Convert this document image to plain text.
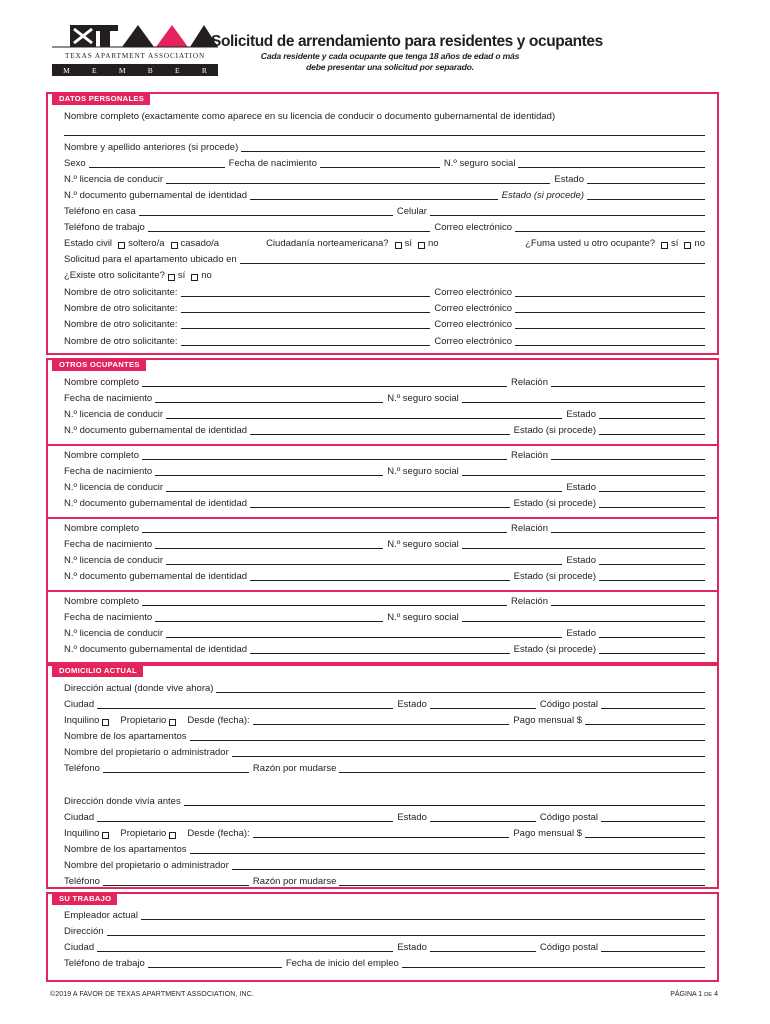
TEXAS APARTMENT ASSOCIATION
M	E	M	B	E	R
Solicitud de arrendamiento para residentes y ocupantes
Cada residente y cada ocupante que tenga 18 años de edad o más
debe presentar una solicitud por separado.
DATOS PERSONALES
Nombre completo (exactamente como aparece en su licencia de conducir o documento gubernamental de identidad)
Nombre y apellido anteriores (si procede)
Sexo	Fecha de nacimiento	N.º seguro social
N.º licencia de conducir	Estado
N.º documento gubernamental de identidad	Estado (si procede)
Teléfono en casa	Celular
Teléfono de trabajo	Correo electrónico
Estado civil	soltero/a	casado/a	Ciudadanía norteamericana?	sí	no	¿Fuma usted u otro ocupante?	sí	no
Solicitud para el apartamento ubicado en
¿Existe otro solicitante? sí	no
Nombre de otro solicitante:	Correo electrónico
Nombre de otro solicitante:	Correo electrónico
Nombre de otro solicitante:	Correo electrónico
Nombre de otro solicitante:	Correo electrónico
OTROS OCUPANTES
Nombre completo	Relación
Fecha de nacimiento	N.º seguro social
N.º licencia de conducir	Estado
N.º documento gubernamental de identidad	Estado (si procede)
Nombre completo	Relación
Fecha de nacimiento	N.º seguro social
N.º licencia de conducir	Estado
N.º documento gubernamental de identidad	Estado (si procede)
Nombre completo	Relación
Fecha de nacimiento	N.º seguro social
N.º licencia de conducir	Estado
N.º documento gubernamental de identidad	Estado (si procede)
Nombre completo	Relación
Fecha de nacimiento	N.º seguro social
N.º licencia de conducir	Estado
N.º documento gubernamental de identidad	Estado (si procede)
DOMICILIO ACTUAL
Dirección actual (donde vive ahora)
Ciudad	Estado	Código postal
Inquilino Propietario Desde (fecha):	Pago mensual $
Nombre de los apartamentos
Nombre del propietario o administrador
Teléfono	Razón por mudarse
Dirección donde vivía antes
Ciudad	Estado	Código postal
Inquilino Propietario Desde (fecha):	Pago mensual $
Nombre de los apartamentos
Nombre del propietario o administrador
Teléfono	Razón por mudarse
SU TRABAJO
Empleador actual
Dirección
Ciudad	Estado	Código postal
Teléfono de trabajo	Fecha de inicio del empleo
©2019 A FAVOR DE TEXAS APARTMENT ASSOCIATION, INC.	PÁGINA 1 DE 4
